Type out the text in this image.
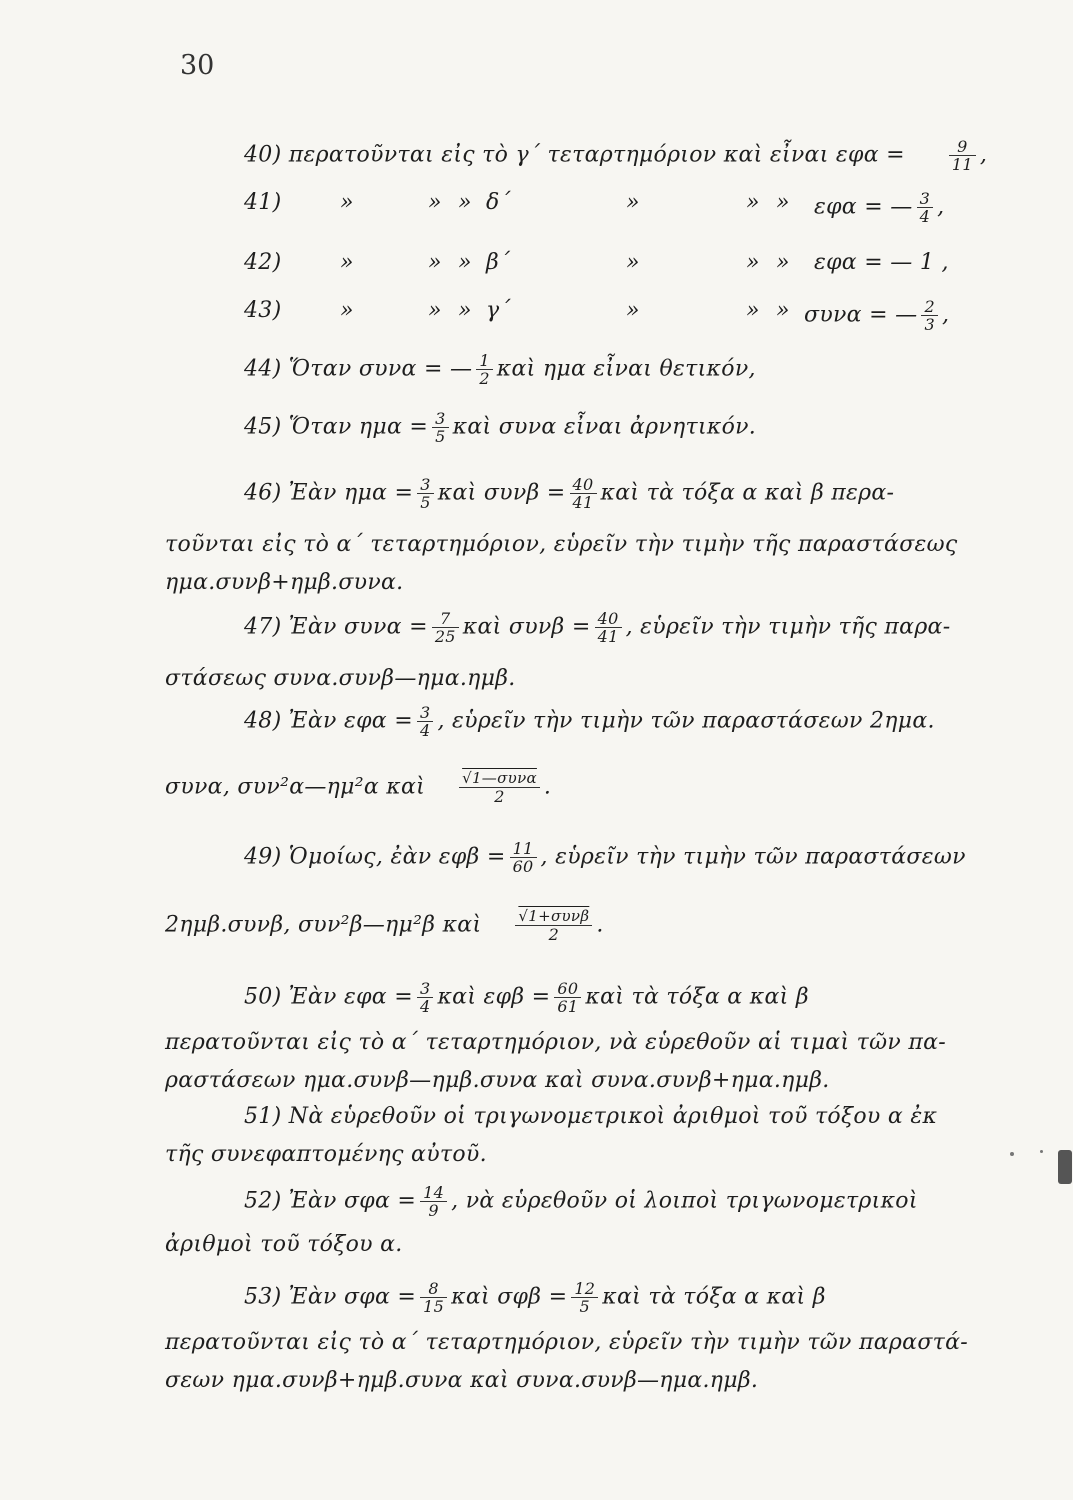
30
40) περατοῦνται εἰς τὸ γ΄ τεταρτημόριον καὶ εἶναι εφα =	$\frac{9}{11}$ ,
41)	»	» » δ΄	»	» » εφα = — $\frac{3}{4}$ ,
42)	»	» » β΄	»	» » εφα = — 1 ,
43)	»	» » γ΄	»	» » συνα = — $\frac{2}{3}$ ,
44) Ὅταν συνα = — $\frac{1}{2}$ καὶ ημα εἶναι θετικόν,
45) Ὅταν $\eta\mu\alpha = \frac{3}{5}$ καὶ συνα εἶναι ἀρνητικόν.
46) Ἐὰν $\eta\mu\alpha = \frac{3}{5}$ καὶ $\sigma\upsilon\nu\beta = \frac{40}{41}$ καὶ τὰ τόξα α καὶ β περα-
τοῦνται εἰς τὸ α΄ τεταρτημόριον, εὑρεῖν τὴν τιμὴν τῆς παραστάσεως
ημα.συνβ+ημβ.συνα.
47) Ἐὰν $\sigma\upsilon\nu\alpha = \frac{7}{25}$ καὶ $\sigma\upsilon\nu\beta = \frac{40}{41}$ , εὑρεῖν τὴν τιμὴν τῆς παρα-
στάσεως συνα.συνβ—ημα.ημβ.
48) Ἐὰν $\varepsilon\varphi\alpha = \frac{3}{4}$ , εὑρεῖν τὴν τιμὴν τῶν παραστάσεων 2ημα.
συνα, συν²α—ημ²α καὶ $\frac{\text{√1—συνα}}{2}$ .
49) Ὁμοίως, ἐὰν $\varepsilon\varphi\beta = \frac{11}{60}$ , εὑρεῖν τὴν τιμὴν τῶν παραστάσεων
2ημβ.συνβ, συν²β—ημ²β καὶ $\frac{\text{√1+συνβ}}{2}$ .
50) Ἐὰν $\varepsilon\varphi\alpha = \frac{3}{4}$ καὶ $\varepsilon\varphi\beta = \frac{60}{61}$ καὶ τὰ τόξα α καὶ β
περατοῦνται εἰς τὸ α΄ τεταρτημόριον, νὰ εὑρεθοῦν αἱ τιμαὶ τῶν πα-
ραστάσεων ημα.συνβ—ημβ.συνα καὶ συνα.συνβ+ημα.ημβ.
51) Νὰ εὑρεθοῦν οἱ τριγωνομετρικοὶ ἀριθμοὶ τοῦ τόξου α ἐκ
τῆς συνεφαπτομένης αὐτοῦ.
52) Ἐὰν $\sigma\varphi\alpha = \frac{14}{9}$ , νὰ εὑρεθοῦν οἱ λοιποὶ τριγωνομετρικοὶ
ἀριθμοὶ τοῦ τόξου α.
53) Ἐὰν $\sigma\varphi\alpha = \frac{8}{15}$ καὶ $\sigma\varphi\beta = \frac{12}{5}$ καὶ τὰ τόξα α καὶ β
περατοῦνται εἰς τὸ α΄ τεταρτημόριον, εὑρεῖν τὴν τιμὴν τῶν παραστά-
σεων ημα.συνβ+ημβ.συνα καὶ συνα.συνβ—ημα.ημβ.
